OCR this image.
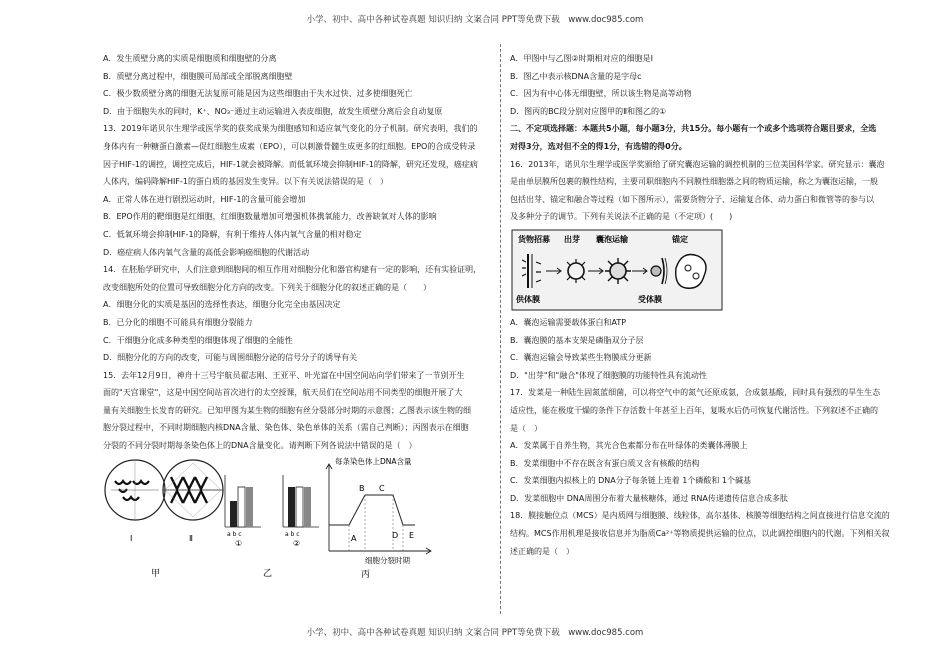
小学、初中、高中各种试卷真题 知识归纳 文案合同 PPT等免费下载　www.doc985.com
A．发生质壁分离的实质是细胞质和细胞壁的分离
B．质壁分离过程中，细胞膜可局部或全部脱离细胞壁
C．极少数质壁分离的细胞无法复原可能是因为这些细胞由于失水过快、过多使细胞死亡
D．由于细胞失水的同时，K⁺、NO₃⁻通过主动运输进入表皮细胞，故发生质壁分离后会自动复原
13．2019年诺贝尔生理学或医学奖的获奖成果为细胞感知和适应氧气变化的分子机制。研究表明，我们的
身体内有一种糖蛋白激素—促红细胞生成素（EPO），可以刺激骨髓生成更多的红细胞。EPO的合成受转录
因子HIF-1的调控，调控完成后，HIF-1就会被降解。而低氧环境会抑制HIF-1的降解，研究还发现，癌症病
人体内，编码降解HIF-1的蛋白质的基因发生变异。以下有关说法错误的是（　）
A．正常人体在进行剧烈运动时，HIF-1的含量可能会增加
B．EPO作用的靶细胞是红细胞，红细胞数量增加可增强机体携氧能力，改善缺氧对人体的影响
C．低氧环境会抑制HIF-1的降解，有利于维持人体内氧气含量的相对稳定
D．癌症病人体内氧气含量的高低会影响癌细胞的代谢活动
14．在胚胎学研究中，人们注意到细胞间的相互作用对细胞分化和器官构建有一定的影响，还有实验证明，
改变细胞所处的位置可导致细胞分化方向的改变。下列关于细胞分化的叙述正确的是（　　）
A．细胞分化的实质是基因的选择性表达，细胞分化完全由基因决定
B．已分化的细胞不可能具有细胞分裂能力
C．干细胞分化成多种类型的细胞体现了细胞的全能性
D．细胞分化的方向的改变，可能与周围细胞分泌的信号分子的诱导有关
15．去年12月9日，神舟十三号宇航员翟志刚、王亚平、叶光富在中国空间站向学们带来了一节别开生
面的"天宫课堂"，这是中国空间站首次进行的太空授课，航天员们在空间站用不同类型的细胞开展了大
量有关细胞生长发育的研究。已知甲图为某生物的细胞有丝分裂部分时期的示意图；乙图表示该生物的细
胞分裂过程中，不同时期细胞内核DNA含量、染色体、染色单体的关系（需自己判断）；丙图表示在细胞
分裂的不同分裂时期每条染色体上的DNA含量变化。请判断下列各说法中错误的是（　）
Ⅰ	Ⅱ
甲
a b c
①
a b c
②
乙
每条染色体上DNA含量
A
B C
D E
细胞分裂时期
丙
A．甲图中与乙图②时期相对应的细胞是Ⅰ
B．图乙中表示核DNA含量的是字母c
C．因为有中心体无细胞壁，所以该生物是高等动物
D．图丙的BC段分别对应图甲的Ⅱ和图乙的①
二、不定项选择题：本题共5小题，每小题3分，共15分。每小题有一个或多个选项符合题目要求，全选
对得3分，选对但不全的得1分，有选错的得0分。
16．2013年，诺贝尔生理学或医学奖颁给了研究囊泡运输的调控机制的三位美国科学家。研究显示：囊泡
是由单层膜所包裹的膜性结构，主要司职细胞内不同膜性细胞器之间的物质运输，称之为囊泡运输，一般
包括出芽、锚定和融合等过程（如下图所示），需要货物分子、运输复合体、动力蛋白和微管等的参与以
及多种分子的调节。下列有关说法不正确的是（不定项）(　　)
货物招募 出芽 囊泡运输	锚定
供体膜	受体膜
A．囊泡运输需要载体蛋白和ATP
B．囊泡膜的基本支架是磷脂双分子层
C．囊泡运输会导致某些生物膜成分更新
D．"出芽"和"融合"体现了细胞膜的功能特性具有流动性
17．发菜是一种陆生固氮蓝细菌，可以将空气中的氮气还原成氨，合成氨基酸，同时具有强烈的旱生生态
适应性，能在极度干燥的条件下存活数十年甚至上百年，复吸水后仍可恢复代谢活性。下列叙述不正确的
是（　）
A．发菜属于自养生物，其光合色素都分布在叶绿体的类囊体薄膜上
B．发菜细胞中不存在既含有蛋白质又含有核酸的结构
C．发菜细胞内拟核上的 DNA分子每条链上连着 1个磷酸和 1个碱基
D．发菜细胞中 DNA周围分布着大量核糖体，通过 RNA传递遗传信息合成多肽
18．膜接触位点（MCS）是内质网与细胞膜、线粒体，高尔基体、核膜等细胞结构之间直接进行信息交流的
结构。MCS作用机理是接收信息并为脂质Ca²⁺等物质提供运输的位点，以此调控细胞内的代谢。下列相关叙
述正确的是（　）
小学、初中、高中各种试卷真题 知识归纳 文案合同 PPT等免费下载　www.doc985.com
